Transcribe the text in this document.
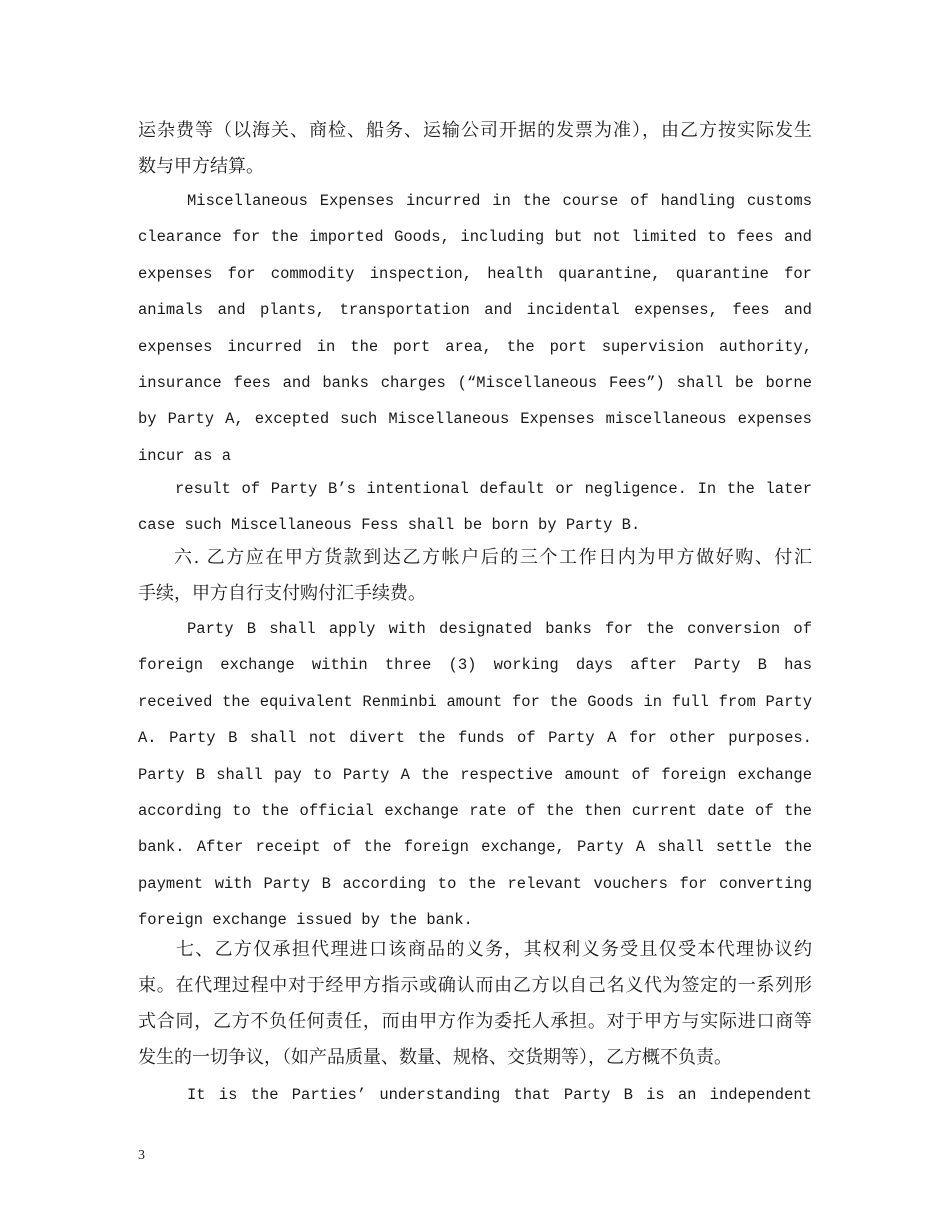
运杂费等（以海关、商检、船务、运输公司开据的发票为准），由乙方按实际发生
数与甲方结算。
Miscellaneous Expenses incurred in the course of handling customs
clearance for the imported Goods, including but not limited to fees and
expenses for commodity inspection, health quarantine, quarantine for
animals and plants, transportation and incidental expenses, fees and
expenses incurred in the port area, the port supervision authority,
insurance fees and banks charges (“Miscellaneous Fees”) shall be borne
by Party A, excepted such Miscellaneous Expenses miscellaneous expenses
incur as a
result of Party B’s intentional default or negligence. In the later
case such Miscellaneous Fess shall be born by Party B.
六. 乙方应在甲方货款到达乙方帐户后的三个工作日内为甲方做好购、付汇
手续，甲方自行支付购付汇手续费。
Party B shall apply with designated banks for the conversion of
foreign exchange within three (3) working days after Party B has
received the equivalent Renminbi amount for the Goods in full from Party
A. Party B shall not divert the funds of Party A for other purposes.
Party B shall pay to Party A the respective amount of foreign exchange
according to the official exchange rate of the then current date of the
bank. After receipt of the foreign exchange, Party A shall settle the
payment with Party B according to the relevant vouchers for converting
foreign exchange issued by the bank.
七、乙方仅承担代理进口该商品的义务，其权利义务受且仅受本代理协议约
束。在代理过程中对于经甲方指示或确认而由乙方以自己名义代为签定的一系列形
式合同，乙方不负任何责任，而由甲方作为委托人承担。对于甲方与实际进口商等
发生的一切争议，（如产品质量、数量、规格、交货期等），乙方概不负责。
It is the Parties’ understanding that Party B is an independent
3
